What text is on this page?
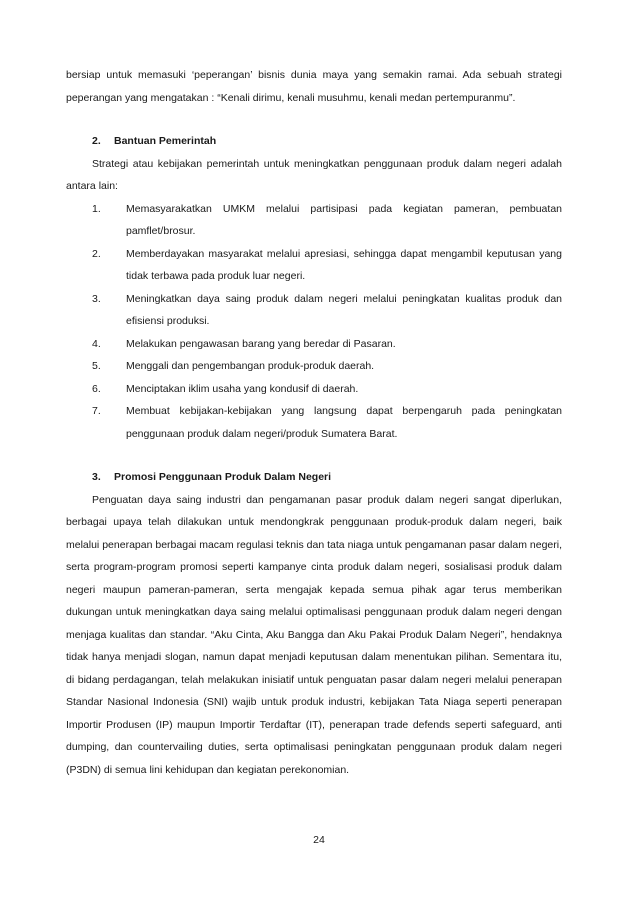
bersiap untuk memasuki ‘peperangan’ bisnis dunia maya yang semakin ramai. Ada sebuah strategi peperangan yang mengatakan : “Kenali dirimu, kenali musuhmu, kenali medan pertempuranmu”.

2.	Bantuan Pemerintah

Strategi atau kebijakan pemerintah untuk meningkatkan penggunaan produk dalam negeri adalah antara lain:

1.	Memasyarakatkan UMKM melalui partisipasi pada kegiatan pameran, pembuatan pamflet/brosur.
2.	Memberdayakan masyarakat melalui apresiasi, sehingga dapat mengambil keputusan yang tidak terbawa pada produk luar negeri.
3.	Meningkatkan daya saing produk dalam negeri melalui peningkatan kualitas produk dan efisiensi produksi.
4.	Melakukan pengawasan barang yang beredar di Pasaran.
5.	Menggali dan pengembangan produk-produk daerah.
6.	Menciptakan iklim usaha yang kondusif di daerah.
7.	Membuat kebijakan-kebijakan yang langsung dapat berpengaruh pada peningkatan penggunaan produk dalam negeri/produk Sumatera Barat.
3.	Promosi Penggunaan Produk Dalam Negeri

Penguatan daya saing industri dan pengamanan pasar produk dalam negeri sangat diperlukan, berbagai upaya telah dilakukan untuk mendongkrak penggunaan produk-produk dalam negeri, baik melalui penerapan berbagai macam regulasi teknis dan tata niaga untuk pengamanan pasar dalam negeri, serta program-program promosi seperti kampanye cinta produk dalam negeri, sosialisasi produk dalam negeri maupun pameran-pameran, serta mengajak kepada semua pihak agar terus memberikan dukungan untuk meningkatkan daya saing melalui optimalisasi penggunaan produk dalam negeri dengan menjaga kualitas dan standar. “Aku Cinta, Aku Bangga dan Aku Pakai Produk Dalam Negeri”, hendaknya tidak hanya menjadi slogan, namun dapat menjadi keputusan dalam menentukan pilihan. Sementara itu, di bidang perdagangan, telah melakukan inisiatif untuk penguatan pasar dalam negeri melalui penerapan Standar Nasional Indonesia (SNI) wajib untuk produk industri, kebijakan Tata Niaga seperti penerapan Importir Produsen (IP) maupun Importir Terdaftar (IT), penerapan trade defends seperti safeguard, anti dumping, dan countervailing duties, serta optimalisasi peningkatan penggunaan produk dalam negeri (P3DN) di semua lini kehidupan dan kegiatan perekonomian.

24
